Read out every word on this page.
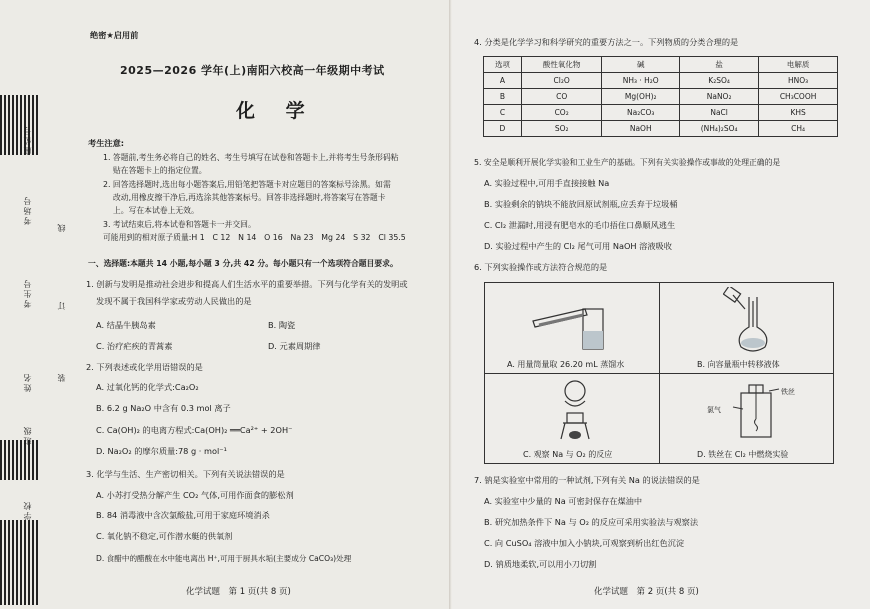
座位号
考场号
考生号
姓名
班级
学校
线
订
装
绝密★启用前
2025—2026 学年(上)南阳六校高一年级期中考试
化 学
考生注意:
1. 答题前,考生务必将自己的姓名、考生号填写在试卷和答题卡上,并将考生号条形码粘
贴在答题卡上的指定位置。
2. 回答选择题时,选出每小题答案后,用铅笔把答题卡对应题目的答案标号涂黑。如需
改动,用橡皮擦干净后,再选涂其他答案标号。回答非选择题时,将答案写在答题卡
上。写在本试卷上无效。
3. 考试结束后,将本试卷和答题卡一并交回。
可能用到的相对原子质量:H 1　C 12　N 14　O 16　Na 23　Mg 24　S 32　Cl 35.5
一、选择题:本题共 14 小题,每小题 3 分,共 42 分。每小题只有一个选项符合题目要求。
1. 创新与发明是推动社会进步和提高人们生活水平的重要举措。下列与化学有关的发明或
发现不属于我国科学家或劳动人民做出的是
A. 结晶牛胰岛素	B. 陶瓷
C. 治疗疟疾的青蒿素	D. 元素周期律
2. 下列表述或化学用语错误的是
A. 过氧化钙的化学式:Ca₂O₂
B. 6.2 g Na₂O 中含有 0.3 mol 离子
C. Ca(OH)₂ 的电离方程式:Ca(OH)₂ ══Ca²⁺ + 2OH⁻
D. Na₂O₂ 的摩尔质量:78 g · mol⁻¹
3. 化学与生活、生产密切相关。下列有关说法错误的是
A. 小苏打受热分解产生 CO₂ 气体,可用作面食的膨松剂
B. 84 消毒液中含次氯酸盐,可用于家庭环境消杀
C. 氧化钠不稳定,可作潜水艇的供氧剂
D. 食醋中的醋酸在水中能电离出 H⁺,可用于厨具水垢(主要成分 CaCO₃)处理
化学试题　第 1 页(共 8 页)
4. 分类是化学学习和科学研究的重要方法之一。下列物质的分类合理的是
选项	酸性氧化物	碱	盐	电解质
A	Cl₂O	NH₃ · H₂O	K₂SO₄	HNO₃
B	CO	Mg(OH)₂	NaNO₂	CH₃COOH
C	CO₂	Na₂CO₃	NaCl	KHS
D	SO₂	NaOH	(NH₄)₂SO₄	CH₄
5. 安全是顺利开展化学实验和工业生产的基础。下列有关实验操作或事故的处理正确的是
A. 实验过程中,可用手直接接触 Na
B. 实验剩余的钠块不能放回原试剂瓶,应丢弃于垃圾桶
C. Cl₂ 泄漏时,用浸有肥皂水的毛巾捂住口鼻顺风逃生
D. 实验过程中产生的 Cl₂ 尾气可用 NaOH 溶液吸收
6. 下列实验操作或方法符合规范的是
A. 用量筒量取 26.20 mL 蒸馏水	B. 向容量瓶中转移液体
C. 观察 Na 与 O₂ 的反应
氯气
铁丝
D. 铁丝在 Cl₂ 中燃烧实验
7. 钠是实验室中常用的一种试剂,下列有关 Na 的说法错误的是
A. 实验室中少量的 Na 可密封保存在煤油中
B. 研究加热条件下 Na 与 O₂ 的反应可采用实验法与观察法
C. 向 CuSO₄ 溶液中加入小钠块,可观察到析出红色沉淀
D. 钠质地柔软,可以用小刀切割
化学试题　第 2 页(共 8 页)
